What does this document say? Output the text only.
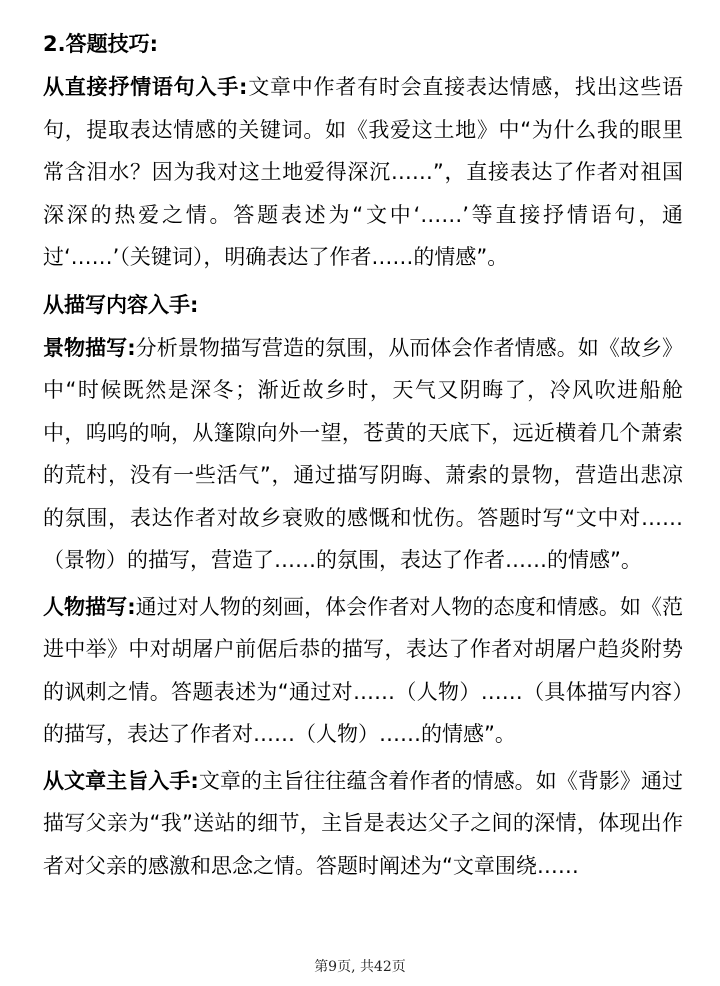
2.答题技巧:

从直接抒情语句入手:文章中作者有时会直接表达情感，找出这些语句，提取表达情感的关键词。如《我爱这土地》中“为什么我的眼里常含泪水？因为我对这土地爱得深沉……”，直接表达了作者对祖国深深的热爱之情。答题表述为“文中‘……’等直接抒情语句，通过‘……’（关键词），明确表达了作者……的情感”。

从描写内容入手:

景物描写:分析景物描写营造的氛围，从而体会作者情感。如《故乡》中“时候既然是深冬；渐近故乡时，天气又阴晦了，冷风吹进船舱中，呜呜的响，从篷隙向外一望，苍黄的天底下，远近横着几个萧索的荒村，没有一些活气”，通过描写阴晦、萧索的景物，营造出悲凉的氛围，表达作者对故乡衰败的感慨和忧伤。答题时写“文中对……（景物）的描写，营造了……的氛围，表达了作者……的情感”。

人物描写:通过对人物的刻画，体会作者对人物的态度和情感。如《范进中举》中对胡屠户前倨后恭的描写，表达了作者对胡屠户趋炎附势的讽刺之情。答题表述为“通过对……（人物）……（具体描写内容）的描写，表达了作者对……（人物）……的情感”。

从文章主旨入手:文章的主旨往往蕴含着作者的情感。如《背影》通过描写父亲为“我”送站的细节，主旨是表达父子之间的深情，体现出作者对父亲的感激和思念之情。答题时阐述为“文章围绕……

第9页, 共42页
